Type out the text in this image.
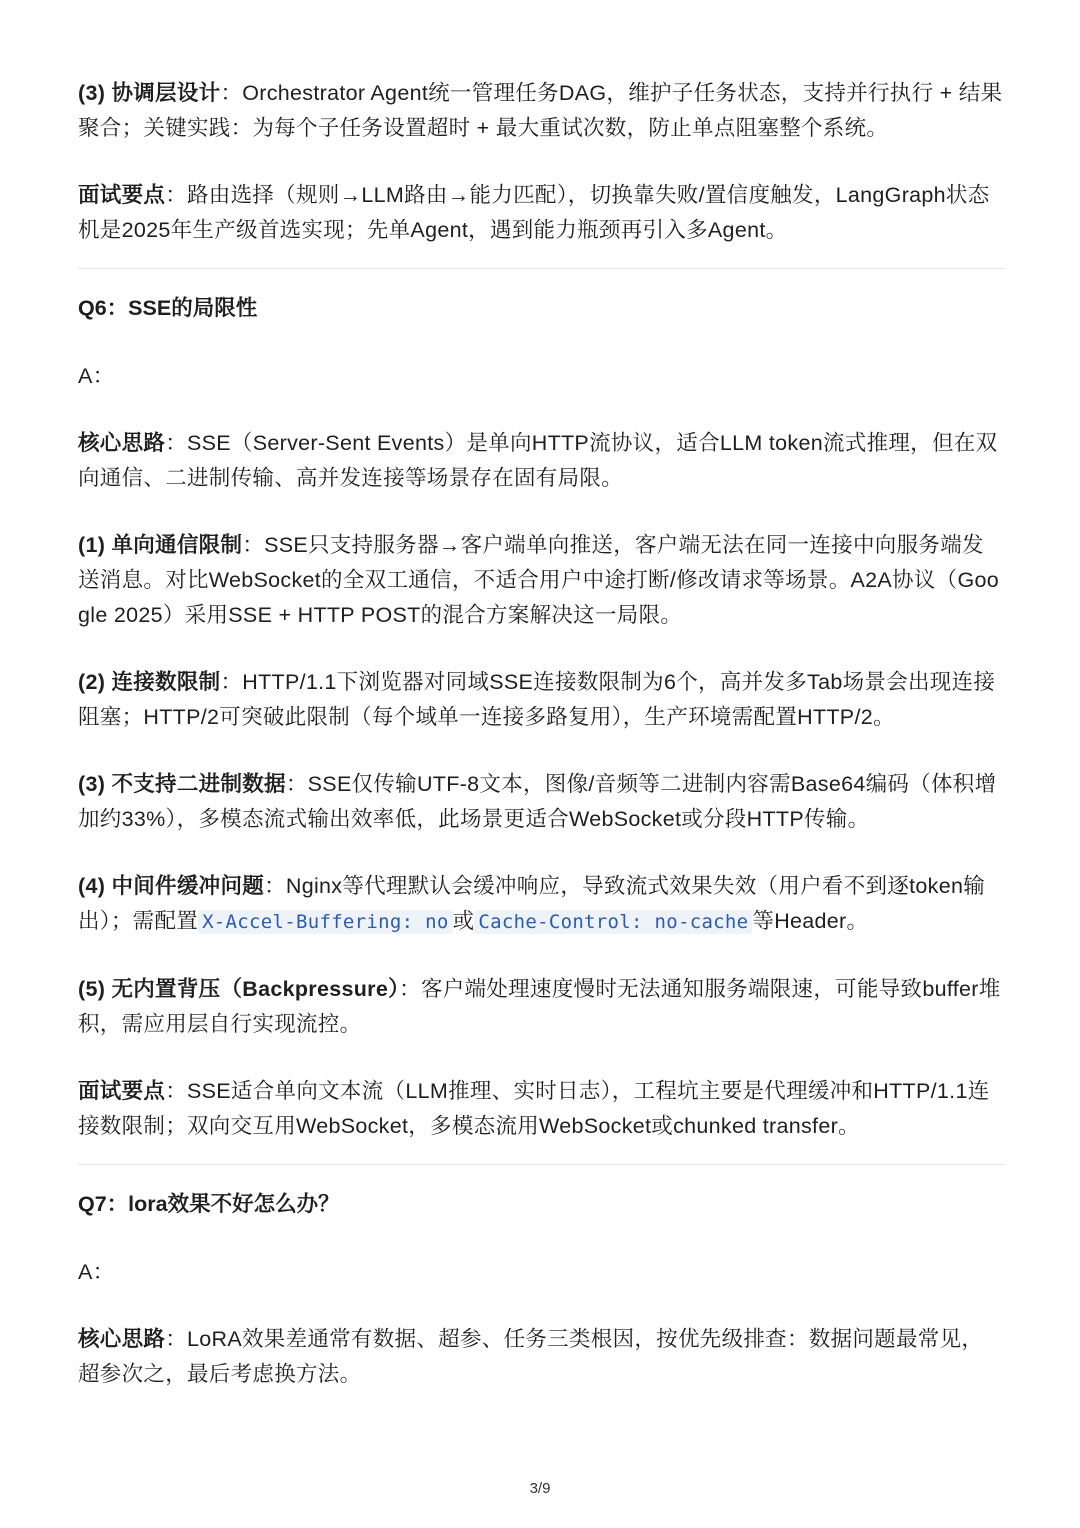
(3) 协调层设计：Orchestrator Agent统一管理任务DAG，维护子任务状态，支持并行执行 + 结果聚合；关键实践：为每个子任务设置超时 + 最大重试次数，防止单点阻塞整个系统。

面试要点：路由选择（规则→LLM路由→能力匹配），切换靠失败/置信度触发，LangGraph状态机是2025年生产级首选实现；先单Agent，遇到能力瓶颈再引入多Agent。

Q6：SSE的局限性

A：

核心思路：SSE（Server-Sent Events）是单向HTTP流协议，适合LLM token流式推理，但在双向通信、二进制传输、高并发连接等场景存在固有局限。

(1) 单向通信限制：SSE只支持服务器→客户端单向推送，客户端无法在同一连接中向服务端发送消息。对比WebSocket的全双工通信，不适合用户中途打断/修改请求等场景。A2A协议（Google 2025）采用SSE + HTTP POST的混合方案解决这一局限。

(2) 连接数限制：HTTP/1.1下浏览器对同域SSE连接数限制为6个，高并发多Tab场景会出现连接阻塞；HTTP/2可突破此限制（每个域单一连接多路复用），生产环境需配置HTTP/2。

(3) 不支持二进制数据：SSE仅传输UTF-8文本，图像/音频等二进制内容需Base64编码（体积增加约33%），多模态流式输出效率低，此场景更适合WebSocket或分段HTTP传输。

(4) 中间件缓冲问题：Nginx等代理默认会缓冲响应，导致流式效果失效（用户看不到逐token输出）；需配置 X-Accel-Buffering: no 或 Cache-Control: no-cache 等Header。

(5) 无内置背压（Backpressure）：客户端处理速度慢时无法通知服务端限速，可能导致buffer堆积，需应用层自行实现流控。

面试要点：SSE适合单向文本流（LLM推理、实时日志），工程坑主要是代理缓冲和HTTP/1.1连接数限制；双向交互用WebSocket，多模态流用WebSocket或chunked transfer。

Q7：lora效果不好怎么办？

A：

核心思路：LoRA效果差通常有数据、超参、任务三类根因，按优先级排查：数据问题最常见，超参次之，最后考虑换方法。

3/9
